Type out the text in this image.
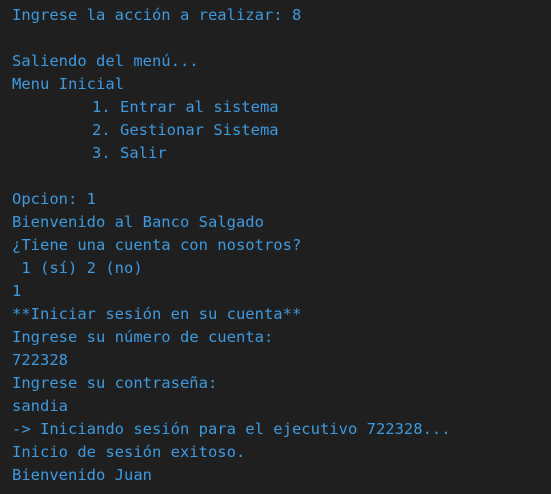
Ingrese la acción a realizar: 8
Saliendo del menú...
Menu Inicial
1. Entrar al sistema
2. Gestionar Sistema
3. Salir
Opcion: 1
Bienvenido al Banco Salgado
¿Tiene una cuenta con nosotros?
1 (sí) 2 (no)
1
**Iniciar sesión en su cuenta**
Ingrese su número de cuenta:
722328
Ingrese su contraseña:
sandia
-> Iniciando sesión para el ejecutivo 722328...
Inicio de sesión exitoso.
Bienvenido Juan
